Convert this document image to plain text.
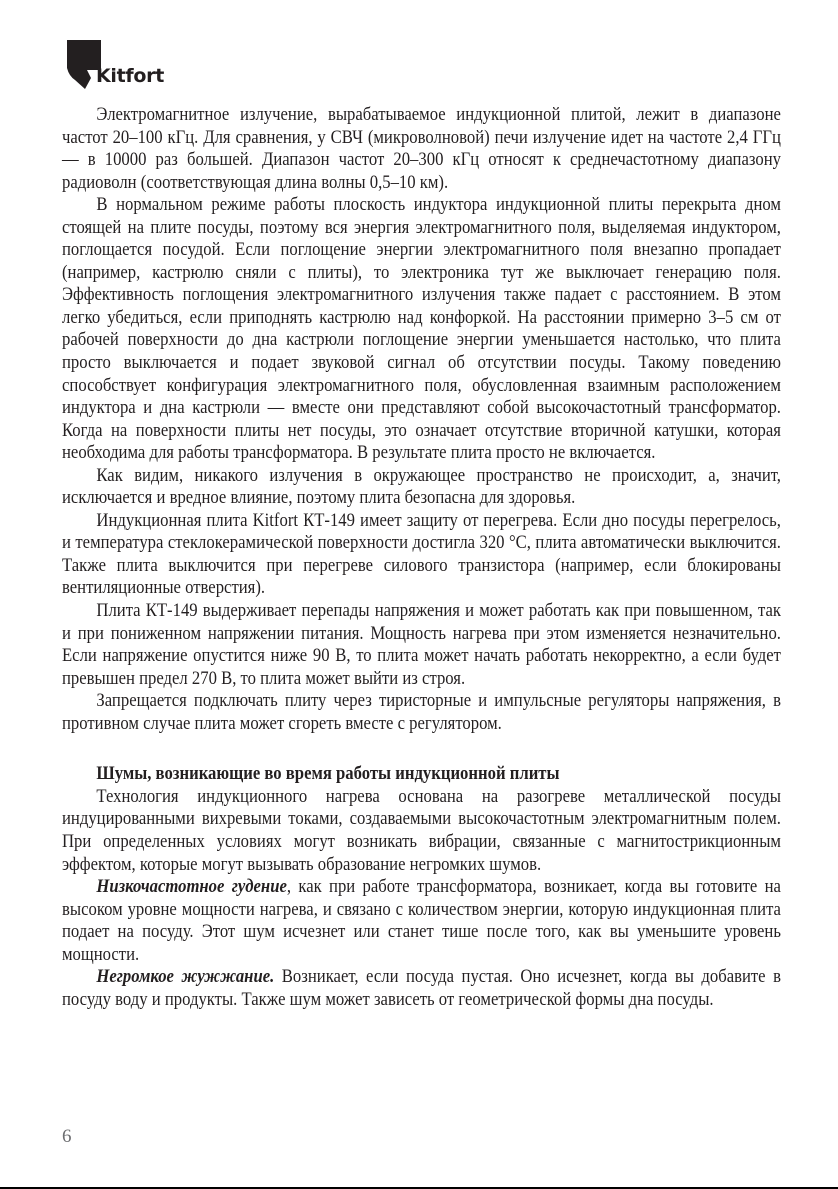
Kitfort

Электромагнитное излучение, вырабатываемое индукционной плитой, лежит в диапазоне частот 20–100 кГц. Для сравнения, у СВЧ (микроволновой) печи излучение идет на частоте 2,4 ГГц — в 10000 раз большей. Диапазон частот 20–300 кГц относят к среднечастотному диапазону радиоволн (соответствующая длина волны 0,5–10 км).

В нормальном режиме работы плоскость индуктора индукционной плиты перекрыта дном стоящей на плите посуды, поэтому вся энергия электромагнитного поля, выделяемая индуктором, поглощается посудой. Если поглощение энергии электромагнитного поля внезапно пропадает (например, кастрюлю сняли с плиты), то электроника тут же выключает генерацию поля. Эффективность поглощения электромагнитного излучения также падает с расстоянием. В этом легко убедиться, если приподнять кастрюлю над конфоркой. На расстоянии примерно 3–5 см от рабочей поверхности до дна кастрюли поглощение энергии уменьшается настолько, что плита просто выключается и подает звуковой сигнал об отсутствии посуды. Такому поведению способствует конфигурация электромагнитного поля, обусловленная взаимным расположением индуктора и дна кастрюли — вместе они представляют собой высокочастотный трансформатор. Когда на поверхности плиты нет посуды, это означает отсутствие вторичной катушки, которая необходима для работы трансформатора. В результате плита просто не включается.

Как видим, никакого излучения в окружающее пространство не происходит, а, значит, исключается и вредное влияние, поэтому плита безопасна для здоровья.

Индукционная плита Kitfort КТ-149 имеет защиту от перегрева. Если дно посуды перегрелось, и температура стеклокерамической поверхности достигла 320 °С, плита автоматически выключится. Также плита выключится при перегреве силового транзистора (например, если блокированы вентиляционные отверстия).

Плита КТ-149 выдерживает перепады напряжения и может работать как при повышенном, так и при пониженном напряжении питания. Мощность нагрева при этом изменяется незначительно. Если напряжение опустится ниже 90 В, то плита может начать работать некорректно, а если будет превышен предел 270 В, то плита может выйти из строя.

Запрещается подключать плиту через тиристорные и импульсные регуляторы напряжения, в противном случае плита может сгореть вместе с регулятором.

Шумы, возникающие во время работы индукционной плиты

Технология индукционного нагрева основана на разогреве металлической посуды индуцированными вихревыми токами, создаваемыми высокочастотным электромагнитным полем. При определенных условиях могут возникать вибрации, связанные с магнитострикционным эффектом, которые могут вызывать образование негромких шумов.

Низкочастотное гудение, как при работе трансформатора, возникает, когда вы готовите на высоком уровне мощности нагрева, и связано с количеством энергии, которую индукционная плита подает на посуду. Этот шум исчезнет или станет тише после того, как вы уменьшите уровень мощности.

Негромкое жужжание. Возникает, если посуда пустая. Оно исчезнет, когда вы добавите в посуду воду и продукты. Также шум может зависеть от геометрической формы дна посуды.

6
